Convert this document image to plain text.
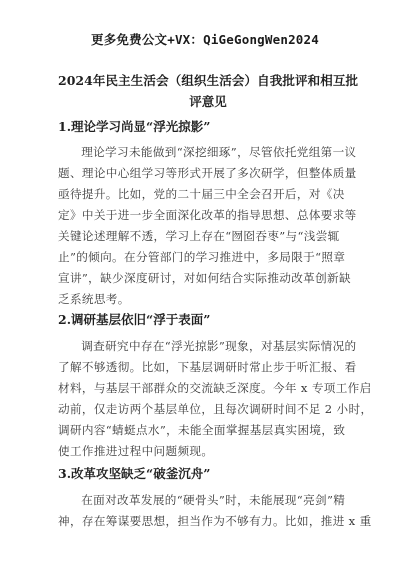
更多免费公文+VX：QiGeGongWen2024
2024年民主生活会（组织生活会）自我批评和相互批评意见
1.理论学习尚显“浮光掠影”
理论学习未能做到“深挖细琢”，尽管依托党组第一议
题、理论中心组学习等形式开展了多次研学，但整体质量
亟待提升。比如，党的二十届三中全会召开后，对《决
定》中关于进一步全面深化改革的指导思想、总体要求等
关键论述理解不透，学习上存在“囫囵吞枣”与“浅尝辄
止”的倾向。在分管部门的学习推进中，多局限于“照章
宣讲”，缺少深度研讨，对如何结合实际推动改革创新缺
乏系统思考。
2.调研基层依旧“浮于表面”
调查研究中存在“浮光掠影”现象，对基层实际情况的
了解不够透彻。比如，下基层调研时常止步于听汇报、看
材料，与基层干部群众的交流缺乏深度。今年 x 专项工作启
动前，仅走访两个基层单位，且每次调研时间不足 2 小时，
调研内容“蜻蜓点水”，未能全面掌握基层真实困境，致
使工作推进过程中问题频现。
3.改革攻坚缺乏“破釜沉舟”
在面对改革发展的“硬骨头”时，未能展现“亮剑”精
神，存在筹谋要思想，担当作为不够有力。比如，推进 x 重
